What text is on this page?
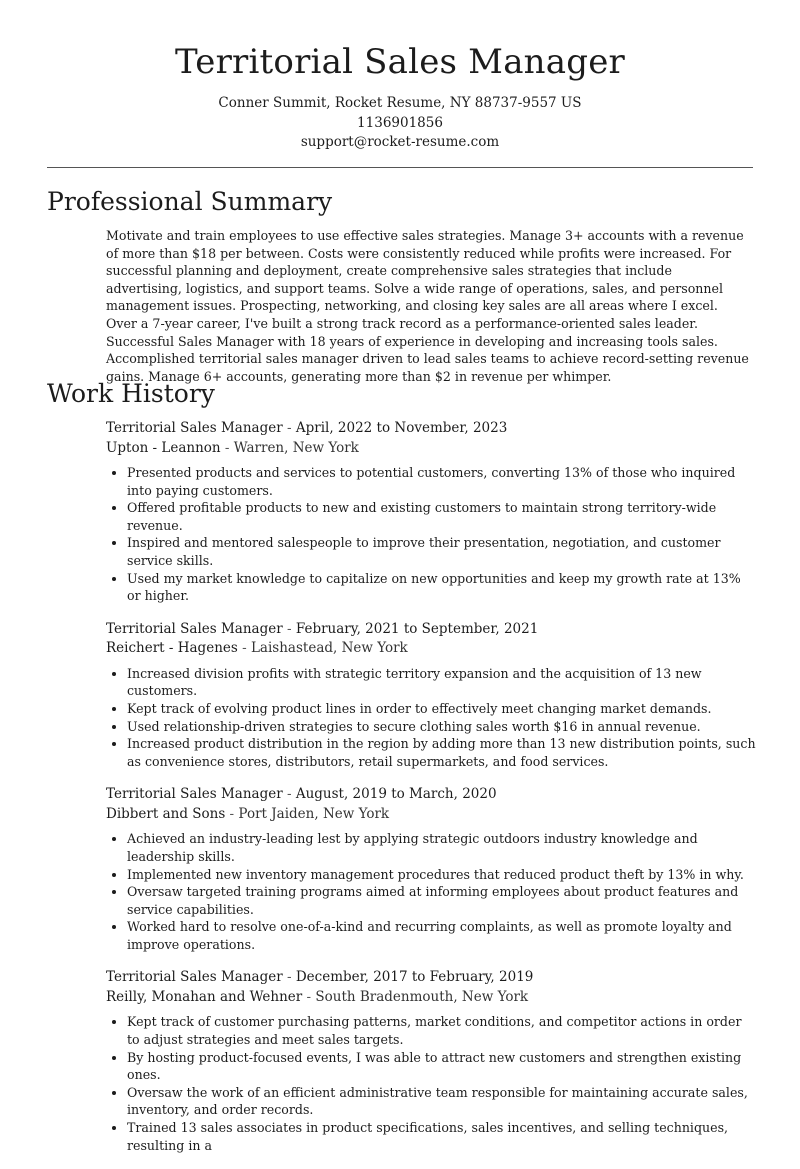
Territorial Sales Manager
Conner Summit, Rocket Resume, NY 88737-9557 US
1136901856
support@rocket-resume.com
Professional Summary

Motivate and train employees to use effective sales strategies. Manage 3+ accounts with a revenue of more than $18 per between. Costs were consistently reduced while profits were increased. For successful planning and deployment, create comprehensive sales strategies that include advertising, logistics, and support teams. Solve a wide range of operations, sales, and personnel management issues. Prospecting, networking, and closing key sales are all areas where I excel. Over a 7-year career, I've built a strong track record as a performance-oriented sales leader. Successful Sales Manager with 18 years of experience in developing and increasing tools sales. Accomplished territorial sales manager driven to lead sales teams to achieve record-setting revenue gains. Manage 6+ accounts, generating more than $2 in revenue per whimper.

Work History
Territorial Sales Manager - April, 2022 to November, 2023
Upton - Leannon - Warren, New York
• Presented products and services to potential customers, converting 13% of those who inquired into paying customers.
• Offered profitable products to new and existing customers to maintain strong territory-wide revenue.
• Inspired and mentored salespeople to improve their presentation, negotiation, and customer service skills.
• Used my market knowledge to capitalize on new opportunities and keep my growth rate at 13% or higher.
Territorial Sales Manager - February, 2021 to September, 2021
Reichert - Hagenes - Laishastead, New York
• Increased division profits with strategic territory expansion and the acquisition of 13 new customers.
• Kept track of evolving product lines in order to effectively meet changing market demands.
• Used relationship-driven strategies to secure clothing sales worth $16 in annual revenue.
• Increased product distribution in the region by adding more than 13 new distribution points, such as convenience stores, distributors, retail supermarkets, and food services.
Territorial Sales Manager - August, 2019 to March, 2020
Dibbert and Sons - Port Jaiden, New York
• Achieved an industry-leading lest by applying strategic outdoors industry knowledge and leadership skills.
• Implemented new inventory management procedures that reduced product theft by 13% in why.
• Oversaw targeted training programs aimed at informing employees about product features and service capabilities.
• Worked hard to resolve one-of-a-kind and recurring complaints, as well as promote loyalty and improve operations.
Territorial Sales Manager - December, 2017 to February, 2019
Reilly, Monahan and Wehner - South Bradenmouth, New York
• Kept track of customer purchasing patterns, market conditions, and competitor actions in order to adjust strategies and meet sales targets.
• By hosting product-focused events, I was able to attract new customers and strengthen existing ones.
• Oversaw the work of an efficient administrative team responsible for maintaining accurate sales, inventory, and order records.
• Trained 13 sales associates in product specifications, sales incentives, and selling techniques, resulting in a
